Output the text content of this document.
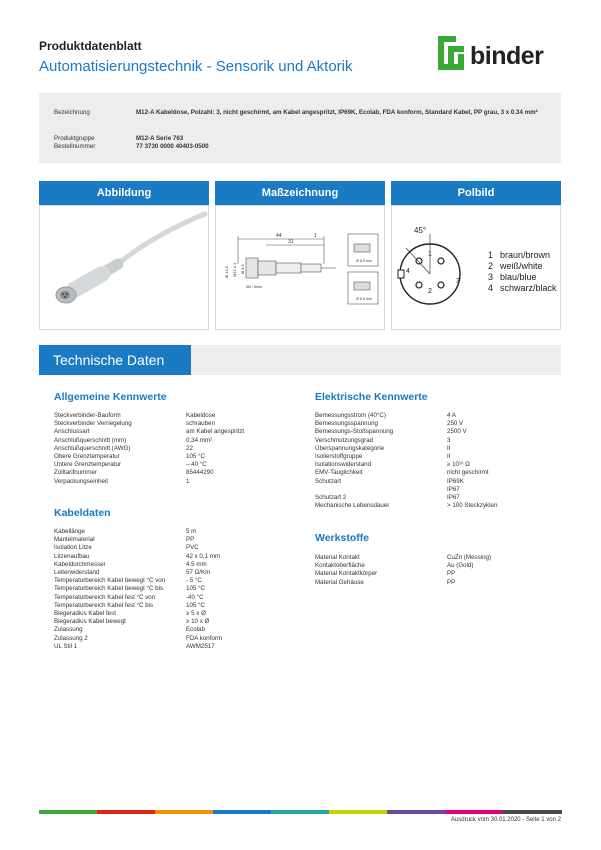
Produktdatenblatt
Automatisierungstechnik - Sensorik und Aktorik	binder
Bezeichnung	M12-A Kabeldose, Polzahl: 3, nicht geschirmt, am Kabel angespritzt, IP69K, Ecolab, FDA konform, Standard Kabel, PP grau, 3 x 0.34 mm²
Produktgruppe	M12-A Serie 763
Bestellnummer	77 3730 0000 40403-0500
Abbildung	Maßzeichnung	Polbild
44
31
1
Ø 14.5 M12 x 1 Ø 4.5
5M / 5mm
Ø 5.5 mm
Ø 5.5 mm
45°
1
2
3
4
1 braun/brown
2 weiß/white
3 blau/blue
4 schwarz/black
Technische Daten
Allgemeine Kennwerte
Kabeldaten
Elektrische Kennwerte
Werkstoffe
Steckverbinder-Bauform	Kabeldose
Steckverbinder Verriegelung	schrauben
Anschlussart	am Kabel angespritzt
Anschlußquerschnitt (mm)	0,34 mm²
Anschlußquerschnitt (AWG)	22
Obere Grenztemperatur	105 °C
Untere Grenztemperatur	– 40 °C
Zolltarifnummer	85444290
Verpackungseinheit	1
Kabellänge	5 m
Mantelmaterial	PP
Isolation Litze	PVC
Litzenaufbau	42 x 0,1 mm
Kabeldurchmesser	4.5 mm
Leiterwiderstand	57 Ω/Km
Temperaturbereich Kabel bewegt °C von	- 5 °C
Temperaturbereich Kabel bewegt °C bis	105 °C
Temperaturbereich Kabel fest °C von	-40 °C
Temperaturbereich Kabel fest °C bis	105 °C
Biegeradius Kabel fest	≥ 5 x Ø
Biegeradius Kabel bewegt	≥ 10 x Ø
Zulassung	Ecolab
Zulassung 2	FDA konform
UL Stil 1	AWM2517
Bemessungsstrom (40°C)	4 A
Bemessungsspannung	250 V
Bemessungs-Stoßspannung	2500 V
Verschmutzungsgrad	3
Überspannungskategorie	II
Isolierstoffgruppe	II
Isolationswiderstand	≥ 10¹⁰ Ω
EMV-Tauglichkeit	nicht geschirmt
Schutzart	IP69K
IP67
Schutzart 2	IP67
Mechanische Lebensdauer	> 100 Steckzyklen
Material Kontakt	CuZn (Messing)
Kontaktoberfläche	Au (Gold)
Material Kontaktkörper	PP
Material Gehäuse	PP
Ausdruck vom 30.01.2020 - Seite 1 von 2
